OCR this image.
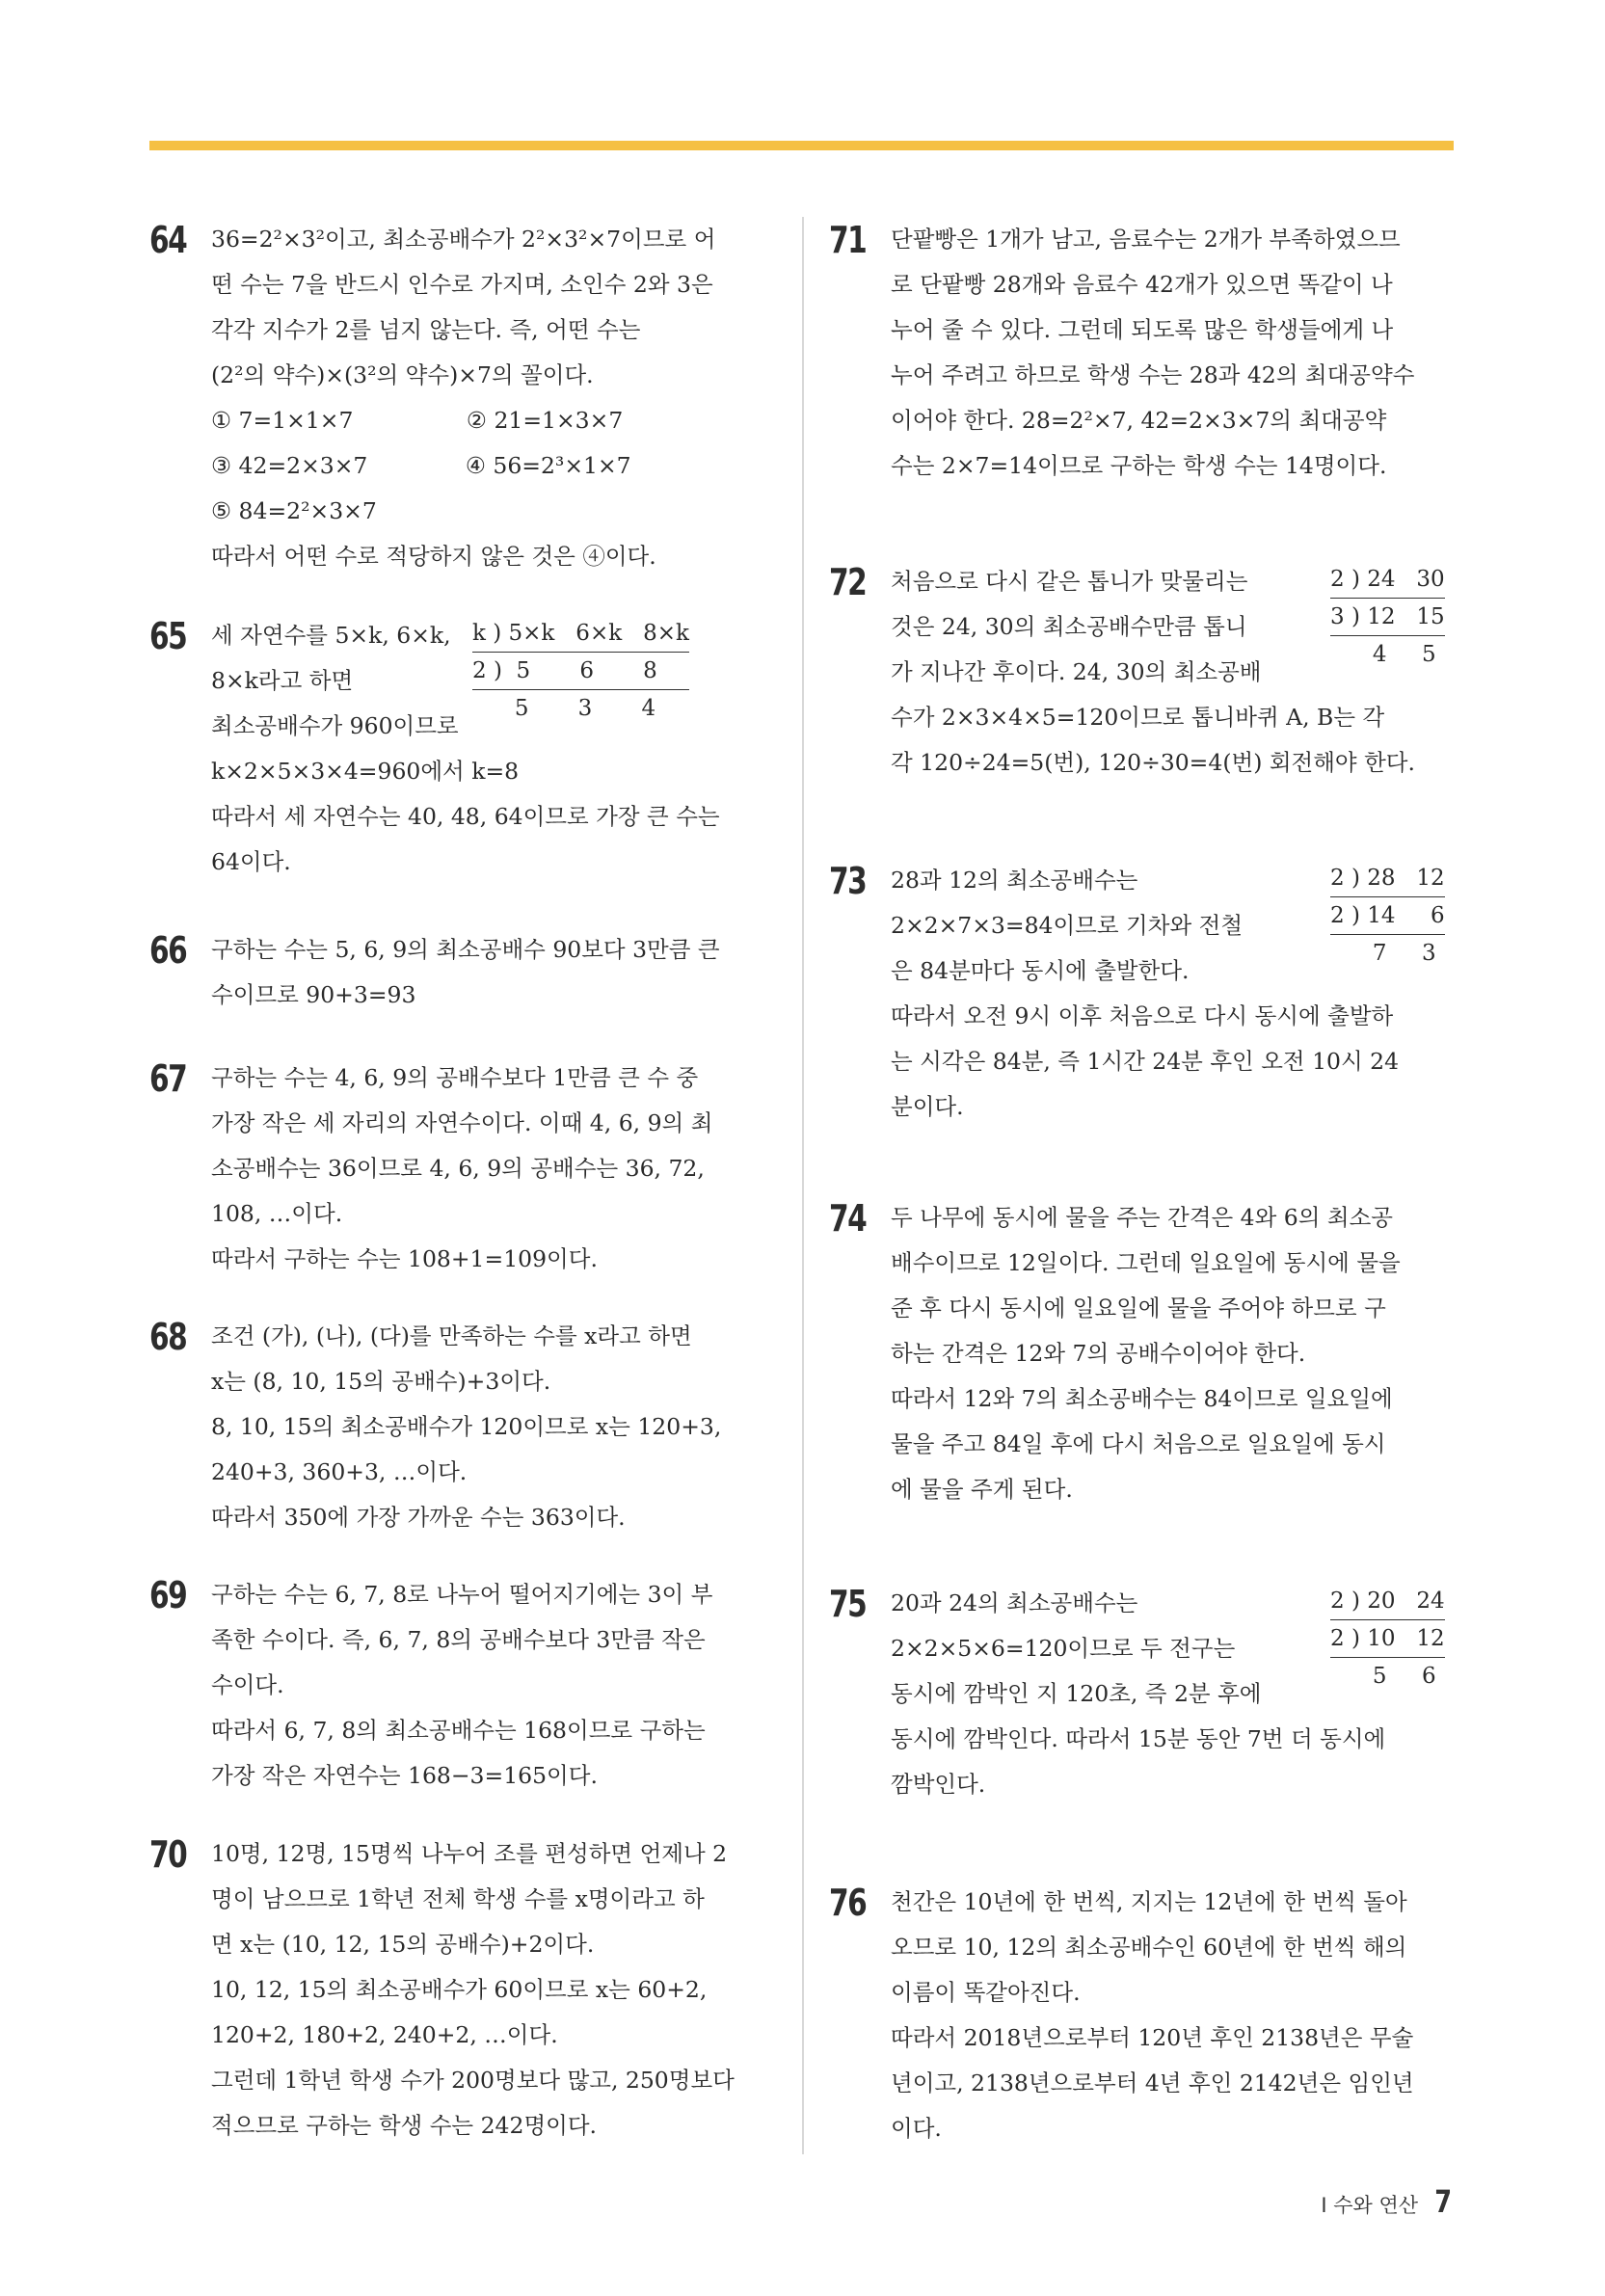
64 36=2²×3²이고, 최소공배수가 2²×3²×7이므로 어
떤 수는 7을 반드시 인수로 가지며, 소인수 2와 3은
각각 지수가 2를 넘지 않는다. 즉, 어떤 수는
(2²의 약수)×(3²의 약수)×7의 꼴이다.
① 7=1×1×7　　　　　② 21=1×3×7
③ 42=2×3×7　　　　 ④ 56=2³×1×7
⑤ 84=2²×3×7
따라서 어떤 수로 적당하지 않은 것은 ④이다.
65 세 자연수를 5×k, 6×k,
8×k라고 하면
최소공배수가 960이므로
k×2×5×3×4=960에서 k=8
따라서 세 자연수는 40, 48, 64이므로 가장 큰 수는
64이다.
k ) 5×k   6×k   8×k
2 )  5       6       8
5       3       4
66 구하는 수는 5, 6, 9의 최소공배수 90보다 3만큼 큰
수이므로 90+3=93
67 구하는 수는 4, 6, 9의 공배수보다 1만큼 큰 수 중
가장 작은 세 자리의 자연수이다. 이때 4, 6, 9의 최
소공배수는 36이므로 4, 6, 9의 공배수는 36, 72,
108, …이다.
따라서 구하는 수는 108+1=109이다.
68 조건 (가), (나), (다)를 만족하는 수를 x라고 하면
x는 (8, 10, 15의 공배수)+3이다.
8, 10, 15의 최소공배수가 120이므로 x는 120+3,
240+3, 360+3, …이다.
따라서 350에 가장 가까운 수는 363이다.
69 구하는 수는 6, 7, 8로 나누어 떨어지기에는 3이 부
족한 수이다. 즉, 6, 7, 8의 공배수보다 3만큼 작은
수이다.
따라서 6, 7, 8의 최소공배수는 168이므로 구하는
가장 작은 자연수는 168−3=165이다.
70 10명, 12명, 15명씩 나누어 조를 편성하면 언제나 2
명이 남으므로 1학년 전체 학생 수를 x명이라고 하
면 x는 (10, 12, 15의 공배수)+2이다.
10, 12, 15의 최소공배수가 60이므로 x는 60+2,
120+2, 180+2, 240+2, …이다.
그런데 1학년 학생 수가 200명보다 많고, 250명보다
적으므로 구하는 학생 수는 242명이다.
71 단팥빵은 1개가 남고, 음료수는 2개가 부족하였으므
로 단팥빵 28개와 음료수 42개가 있으면 똑같이 나
누어 줄 수 있다. 그런데 되도록 많은 학생들에게 나
누어 주려고 하므로 학생 수는 28과 42의 최대공약수
이어야 한다. 28=2²×7, 42=2×3×7의 최대공약
수는 2×7=14이므로 구하는 학생 수는 14명이다.
72 처음으로 다시 같은 톱니가 맞물리는
것은 24, 30의 최소공배수만큼 톱니
가 지나간 후이다. 24, 30의 최소공배
수가 2×3×4×5=120이므로 톱니바퀴 A, B는 각
각 120÷24=5(번), 120÷30=4(번) 회전해야 한다.
2 ) 24   30
3 ) 12   15
4     5
73 28과 12의 최소공배수는
2×2×7×3=84이므로 기차와 전철
은 84분마다 동시에 출발한다.
따라서 오전 9시 이후 처음으로 다시 동시에 출발하
는 시각은 84분, 즉 1시간 24분 후인 오전 10시 24
분이다.
2 ) 28   12
2 ) 14     6
7     3
74 두 나무에 동시에 물을 주는 간격은 4와 6의 최소공
배수이므로 12일이다. 그런데 일요일에 동시에 물을
준 후 다시 동시에 일요일에 물을 주어야 하므로 구
하는 간격은 12와 7의 공배수이어야 한다.
따라서 12와 7의 최소공배수는 84이므로 일요일에
물을 주고 84일 후에 다시 처음으로 일요일에 동시
에 물을 주게 된다.
75 20과 24의 최소공배수는
2×2×5×6=120이므로 두 전구는
동시에 깜박인 지 120초, 즉 2분 후에
동시에 깜박인다. 따라서 15분 동안 7번 더 동시에
깜박인다.
2 ) 20   24
2 ) 10   12
5     6
76 천간은 10년에 한 번씩, 지지는 12년에 한 번씩 돌아
오므로 10, 12의 최소공배수인 60년에 한 번씩 해의
이름이 똑같아진다.
따라서 2018년으로부터 120년 후인 2138년은 무술
년이고, 2138년으로부터 4년 후인 2142년은 임인년
이다.
Ⅰ 수와 연산 7
